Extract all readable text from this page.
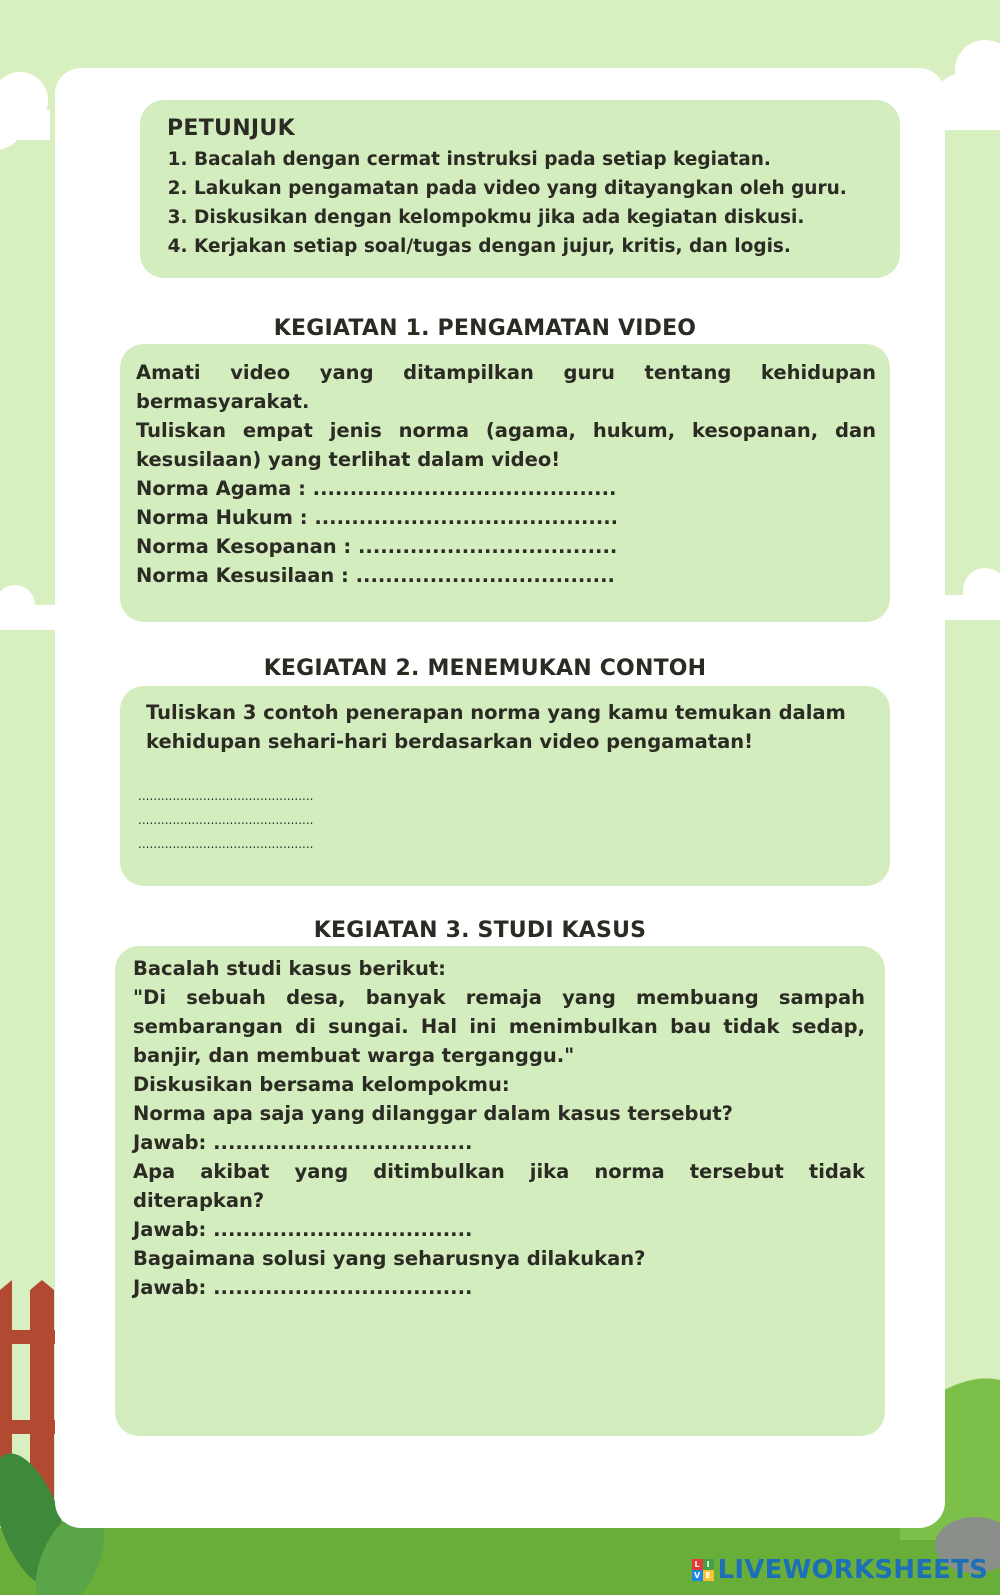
PETUNJUK
1. Bacalah dengan cermat instruksi pada setiap kegiatan.
2. Lakukan pengamatan pada video yang ditayangkan oleh guru.
3. Diskusikan dengan kelompokmu jika ada kegiatan diskusi.
4. Kerjakan setiap soal/tugas dengan jujur, kritis, dan logis.
KEGIATAN 1. PENGAMATAN VIDEO

Amati video yang ditampilkan guru tentang kehidupan bermasyarakat.

Tuliskan empat jenis norma (agama, hukum, kesopanan, dan kesusilaan) yang terlihat dalam video!

Norma Agama : .........................................

Norma Hukum : .........................................

Norma Kesopanan : ...................................

Norma Kesusilaan : ...................................

KEGIATAN 2. MENEMUKAN CONTOH

Tuliskan 3 contoh penerapan norma yang kamu temukan dalam kehidupan sehari-hari berdasarkan video pengamatan!

..............................................

..............................................

..............................................

KEGIATAN 3. STUDI KASUS

Bacalah studi kasus berikut:

"Di sebuah desa, banyak remaja yang membuang sampah sembarangan di sungai. Hal ini menimbulkan bau tidak sedap, banjir, dan membuat warga terganggu."

Diskusikan bersama kelompokmu:

Norma apa saja yang dilanggar dalam kasus tersebut?

Jawab: ...................................

Apa akibat yang ditimbulkan jika norma tersebut tidak diterapkan?

Jawab: ...................................

Bagaimana solusi yang seharusnya dilakukan?

Jawab: ...................................

L I
V E LIVEWORKSHEETS
